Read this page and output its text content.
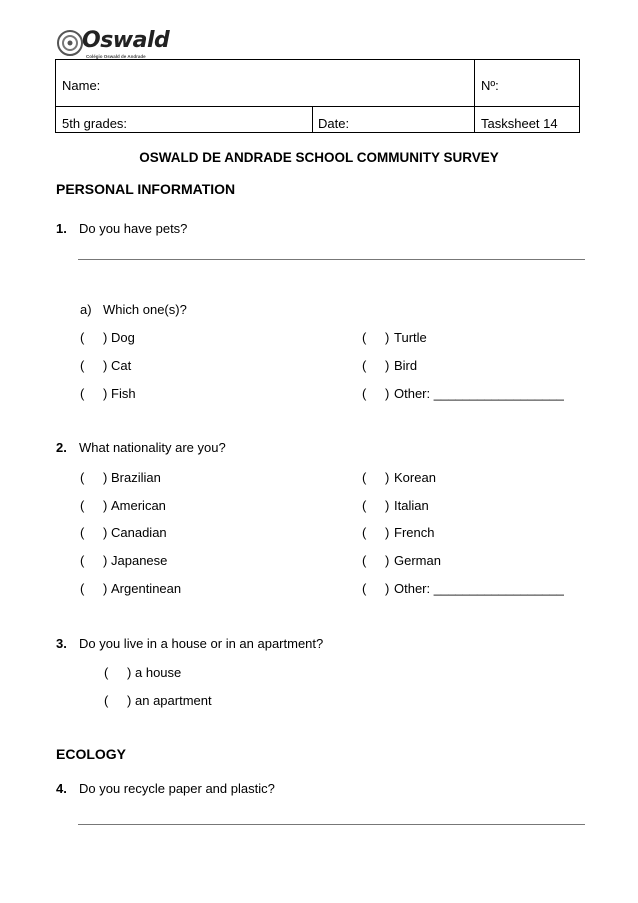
Oswald
Colégio Oswald de Andrade
Name:	Nº:
5th grades:	Date:	Tasksheet 14
OSWALD DE ANDRADE SCHOOL COMMUNITY SURVEY
PERSONAL INFORMATION
1. Do you have pets?
a) Which one(s)?
( ) Dog
( ) Cat
( ) Fish
( ) Turtle
( ) Bird
( ) Other: __________________
2. What nationality are you?
( ) Brazilian
( ) American
( ) Canadian
( ) Japanese
( ) Argentinean
( ) Korean
( ) Italian
( ) French
( ) German
( ) Other: __________________
3. Do you live in a house or in an apartment?
( ) a house
( ) an apartment
ECOLOGY
4. Do you recycle paper and plastic?
